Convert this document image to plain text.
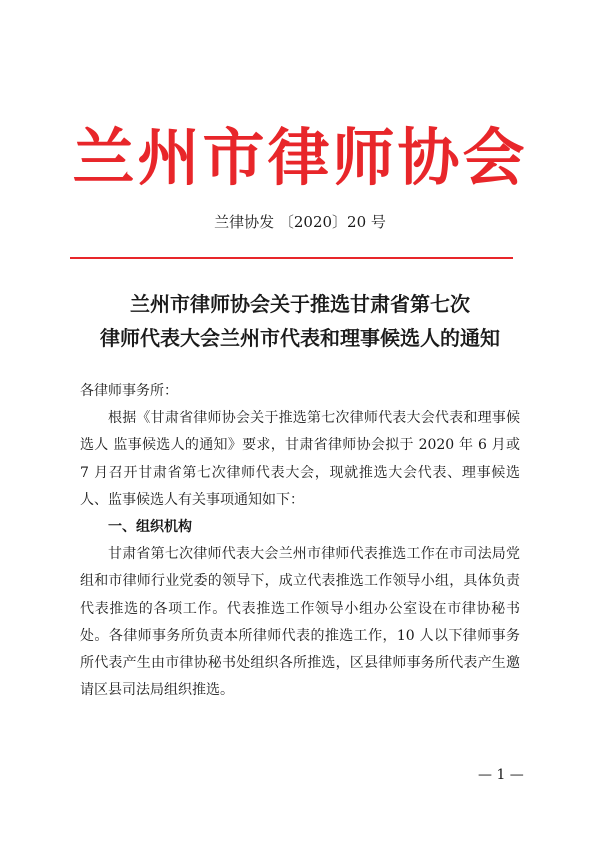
兰州市律师协会
兰律协发 〔2020〕20 号
兰州市律师协会关于推选甘肃省第七次
律师代表大会兰州市代表和理事候选人的通知

各律师事务所：

根据《甘肃省律师协会关于推选第七次律师代表大会代表和理事候选人 监事候选人的通知》要求，甘肃省律师协会拟于 2020 年 6 月或 7 月召开甘肃省第七次律师代表大会，现就推选大会代表、理事候选人、监事候选人有关事项通知如下：

一、组织机构

甘肃省第七次律师代表大会兰州市律师代表推选工作在市司法局党组和市律师行业党委的领导下，成立代表推选工作领导小组，具体负责代表推选的各项工作。代表推选工作领导小组办公室设在市律协秘书处。各律师事务所负责本所律师代表的推选工作，10 人以下律师事务所代表产生由市律协秘书处组织各所推选，区县律师事务所代表产生邀请区县司法局组织推选。

— 1 —
